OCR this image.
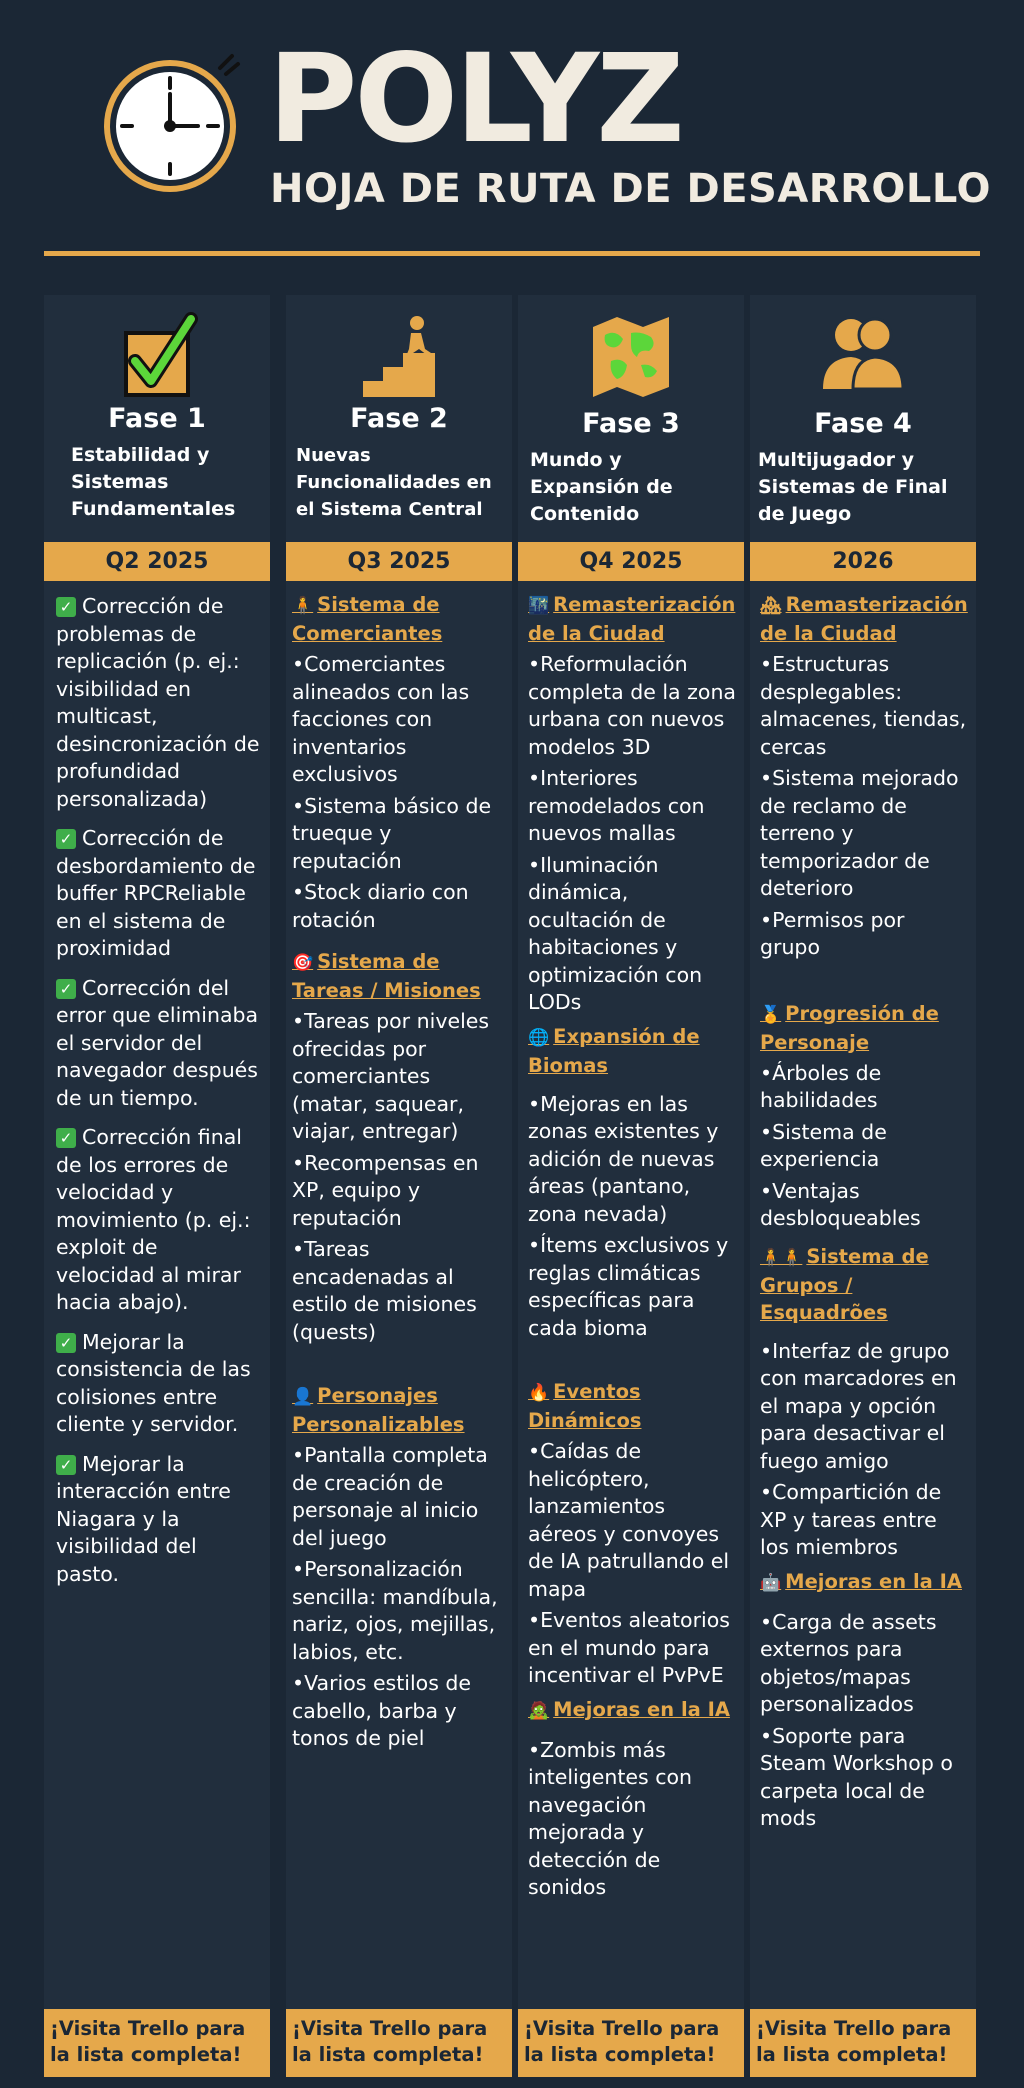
POLYZ
HOJA DE RUTA DE DESARROLLO
Fase 1
Estabilidad y Sistemas Fundamentales
Q2 2025
✓ Corrección de problemas de replicación (p. ej.: visibilidad en multicast, desincronización de profundidad personalizada)
✓ Corrección de desbordamiento de buffer RPCReliable en el sistema de proximidad
✓ Corrección del error que eliminaba el servidor del navegador después de un tiempo.
✓ Corrección final de los errores de velocidad y movimiento (p. ej.: exploit de velocidad al mirar hacia abajo).
✓ Mejorar la consistencia de las colisiones entre cliente y servidor.
✓ Mejorar la interacción entre Niagara y la visibilidad del pasto.
¡Visita Trello para la lista completa!
Fase 2
Nuevas Funcionalidades en el Sistema Central
Q3 2025
🧍 Sistema de Comerciantes
•Comerciantes alineados con las facciones con inventarios exclusivos
•Sistema básico de trueque y reputación
•Stock diario con rotación
🎯 Sistema de Tareas / Misiones
•Tareas por niveles ofrecidas por comerciantes (matar, saquear, viajar, entregar)
•Recompensas en XP, equipo y reputación
•Tareas encadenadas al estilo de misiones (quests)
👤 Personajes Personalizables
•Pantalla completa de creación de personaje al inicio del juego
•Personalización sencilla: mandíbula, nariz, ojos, mejillas, labios, etc.
•Varios estilos de cabello, barba y tonos de piel
¡Visita Trello para la lista completa!
Fase 3
Mundo y Expansión de Contenido
Q4 2025
🌃 Remasterización de la Ciudad
•Reformulación completa de la zona urbana con nuevos modelos 3D
•Interiores remodelados con nuevos mallas
•Iluminación dinámica, ocultación de habitaciones y optimización con LODs
🌐 Expansión de Biomas
•Mejoras en las zonas existentes y adición de nuevas áreas (pantano, zona nevada)
•Ítems exclusivos y reglas climáticas específicas para cada bioma
🔥 Eventos Dinámicos
•Caídas de helicóptero, lanzamientos aéreos y convoyes de IA patrullando el mapa
•Eventos aleatorios en el mundo para incentivar el PvPvE
🧟 Mejoras en la IA
•Zombis más inteligentes con navegación mejorada y detección de sonidos
¡Visita Trello para la lista completa!
Fase 4
Multijugador y Sistemas de Final de Juego
2026
🏘 Remasterización de la Ciudad
•Estructuras desplegables: almacenes, tiendas, cercas
•Sistema mejorado de reclamo de terreno y temporizador de deterioro
•Permisos por grupo
🏅 Progresión de Personaje
•Árboles de habilidades
•Sistema de experiencia
•Ventajas desbloqueables
🧍🧍 Sistema de Grupos / Esquadrões
•Interfaz de grupo con marcadores en el mapa y opción para desactivar el fuego amigo
•Compartición de XP y tareas entre los miembros
🤖 Mejoras en la IA
•Carga de assets externos para objetos/mapas personalizados
•Soporte para Steam Workshop o carpeta local de mods
¡Visita Trello para la lista completa!
